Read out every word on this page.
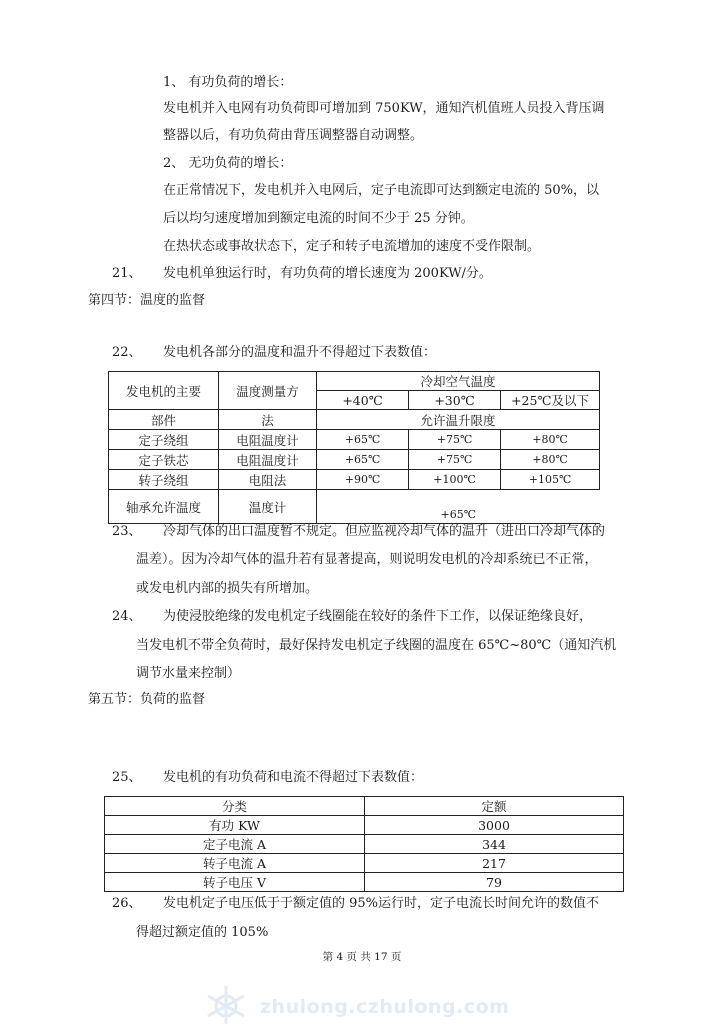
1、 有功负荷的增长：
发电机并入电网有功负荷即可增加到 750KW，通知汽机值班人员投入背压调
整器以后，有功负荷由背压调整器自动调整。
2、 无功负荷的增长：
在正常情况下，发电机并入电网后，定子电流即可达到额定电流的 50%，以
后以均匀速度增加到额定电流的时间不少于 25 分钟。
在热状态或事故状态下，定子和转子电流增加的速度不受作限制。
21、 发电机单独运行时，有功负荷的增长速度为 200KW/分。
第四节：温度的监督
22、 发电机各部分的温度和温升不得超过下表数值：
发电机的主要	温度测量方	冷却空气温度		
		+40℃	+30℃	+25℃及以下
部件	法	允许温升限度		
定子绕组	电阻温度计	+65℃	+75℃	+80℃
定子铁芯	电阻温度计	+65℃	+75℃	+80℃
转子绕组	电阻法	+90℃	+100℃	+105℃
轴承允许温度	温度计	+65℃		
23、 冷却气体的出口温度暂不规定。但应监视冷却气体的温升（进出口冷却气体的
温差）。因为冷却气体的温升若有显著提高，则说明发电机的冷却系统已不正常，
或发电机内部的损失有所增加。
24、 为使浸胶绝缘的发电机定子线圈能在较好的条件下工作，以保证绝缘良好，
当发电机不带全负荷时，最好保持发电机定子线圈的温度在 65℃~80℃（通知汽机
调节水量来控制）
第五节：负荷的监督
25、 发电机的有功负荷和电流不得超过下表数值：
分类	定额
有功 KW	3000
定子电流 A	344
转子电流 A	217
转子电压 V	79
26、 发电机定子电压低于于额定值的 95%运行时，定子电流长时间允许的数值不
得超过额定值的 105%
第 4 页 共 17 页
zhulong.czhulong.com
